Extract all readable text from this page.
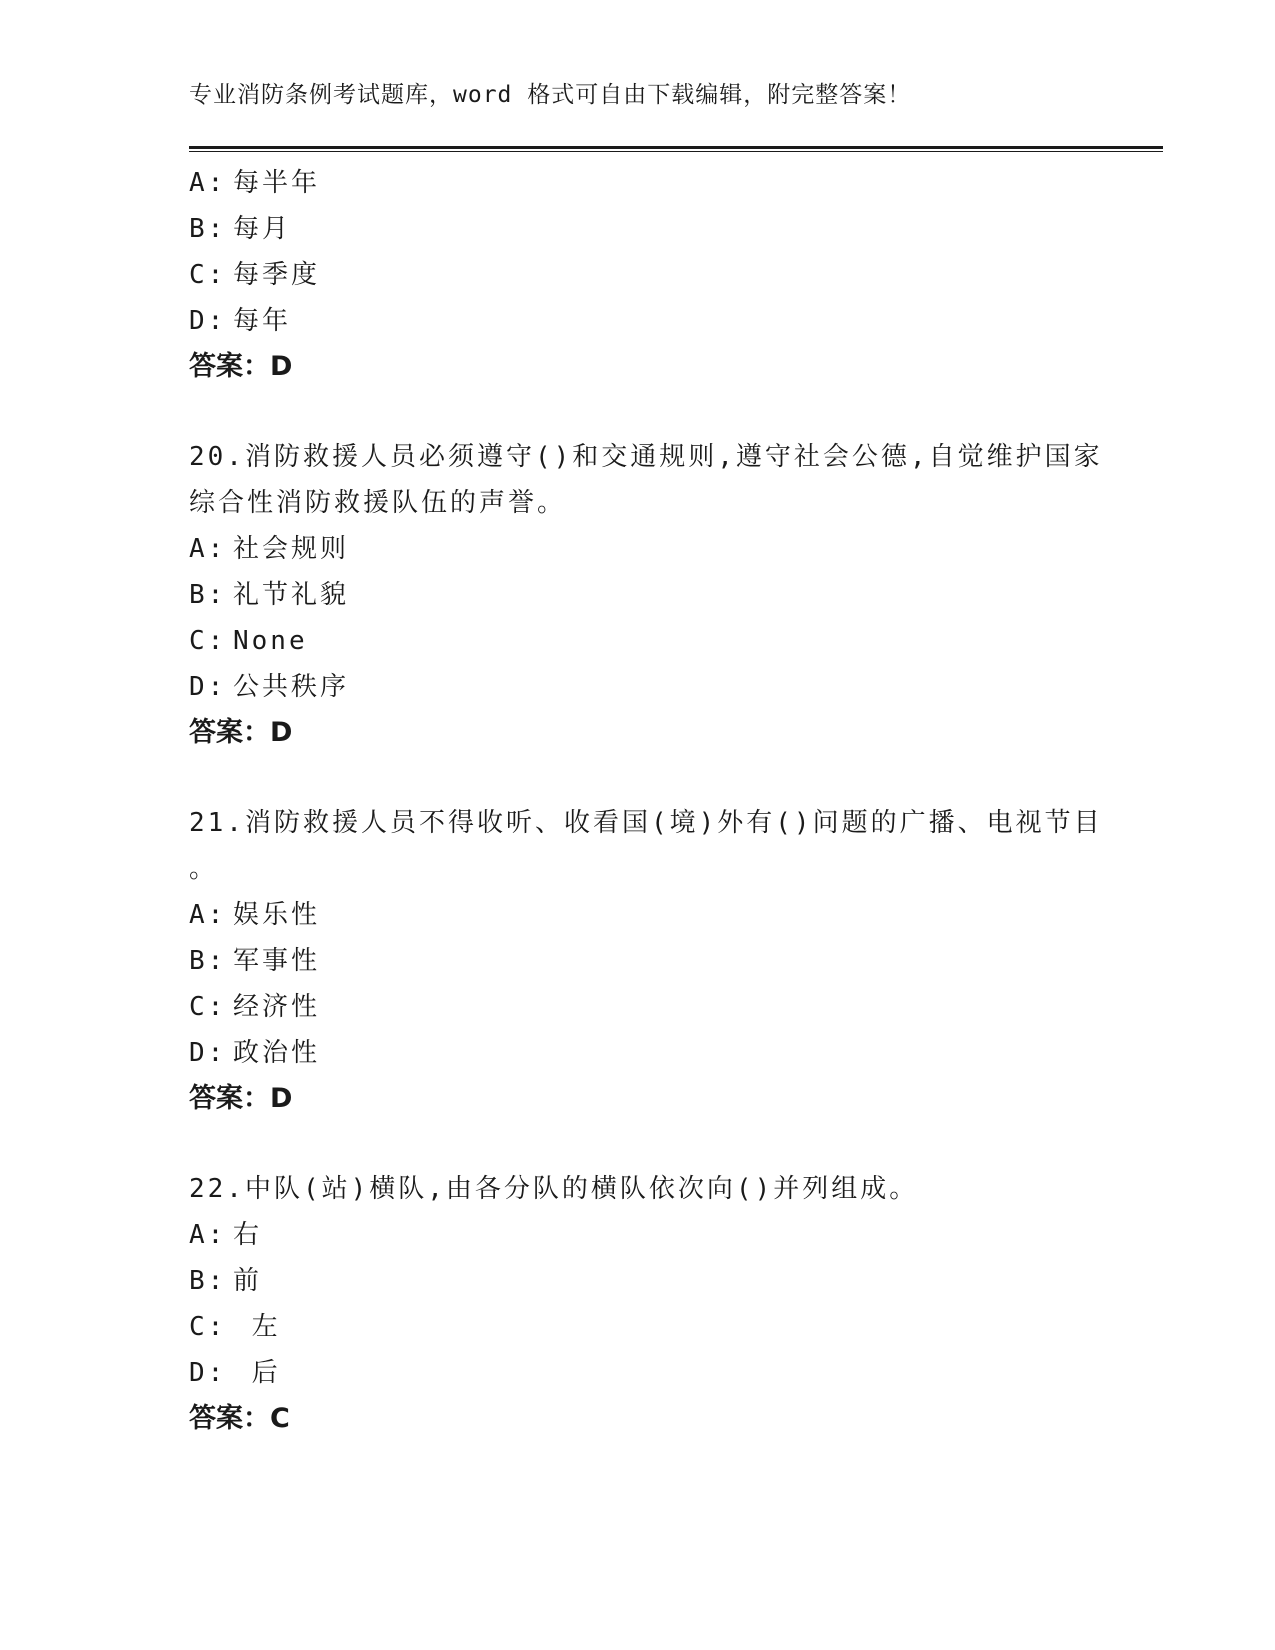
专业消防条例考试题库，word 格式可自由下载编辑，附完整答案！
A: 每半年
B: 每月
C: 每季度
D: 每年
答案：D
20.消防救援人员必须遵守()和交通规则,遵守社会公德,自觉维护国家
综合性消防救援队伍的声誉。
A: 社会规则
B: 礼节礼貌
C: None
D: 公共秩序
答案：D
21.消防救援人员不得收听、收看国(境)外有()问题的广播、电视节目
。
A: 娱乐性
B: 军事性
C: 经济性
D: 政治性
答案：D
22.中队(站)横队,由各分队的横队依次向()并列组成。
A: 右
B: 前
C: 左
D: 后
答案：C
